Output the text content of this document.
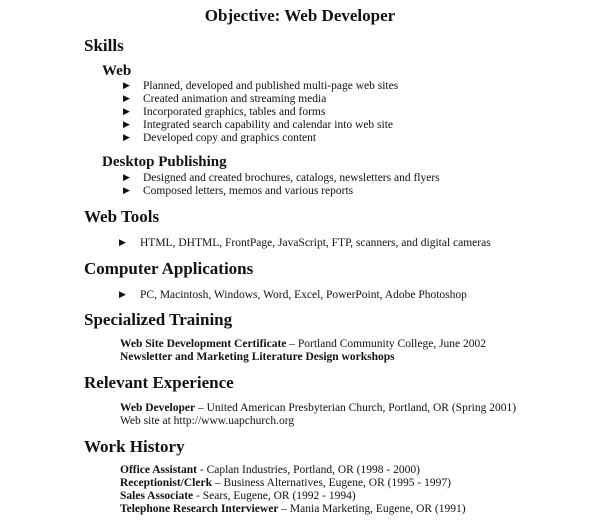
Objective: Web Developer
Skills
Web
▶ Planned, developed and published multi-page web sites
▶ Created animation and streaming media
▶ Incorporated graphics, tables and forms
▶ Integrated search capability and calendar into web site
▶ Developed copy and graphics content
Desktop Publishing
▶ Designed and created brochures, catalogs, newsletters and flyers
▶ Composed letters, memos and various reports
Web Tools
▶ HTML, DHTML, FrontPage, JavaScript, FTP, scanners, and digital cameras
Computer Applications
▶ PC, Macintosh, Windows, Word, Excel, PowerPoint, Adobe Photoshop
Specialized Training
Web Site Development Certificate – Portland Community College, June 2002
Newsletter and Marketing Literature Design workshops
Relevant Experience
Web Developer – United American Presbyterian Church, Portland, OR (Spring 2001)
Web site at http://www.uapchurch.org
Work History
Office Assistant - Caplan Industries, Portland, OR (1998 - 2000)
Receptionist/Clerk – Business Alternatives, Eugene, OR (1995 - 1997)
Sales Associate - Sears, Eugene, OR (1992 - 1994)
Telephone Research Interviewer – Mania Marketing, Eugene, OR (1991)
